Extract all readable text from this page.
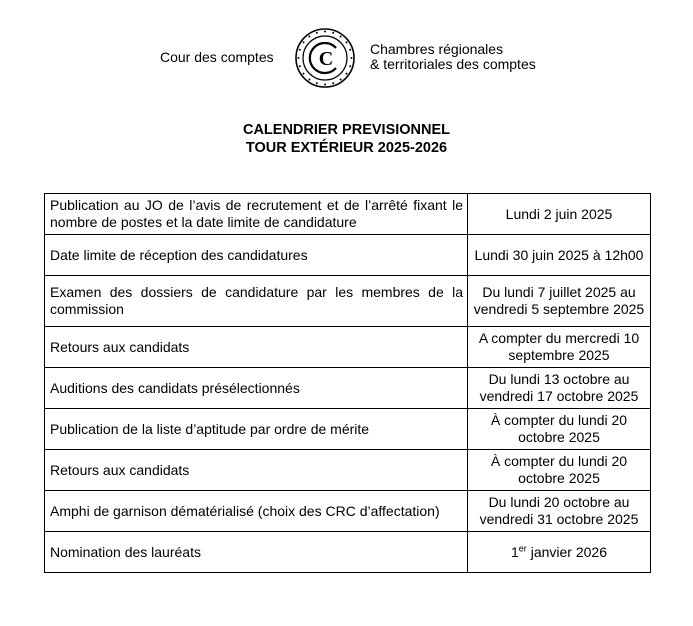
Cour des comptes C	Chambres régionales
& territoriales des comptes
CALENDRIER PREVISIONNEL
TOUR EXTÉRIEUR 2025-2026
Publication au JO de l’avis de recrutement et de l’arrêté fixant le nombre de postes et la date limite de candidature	Lundi 2 juin 2025
Date limite de réception des candidatures	Lundi 30 juin 2025 à 12h00
Examen des dossiers de candidature par les membres de la commission	Du lundi 7 juillet 2025 au vendredi 5 septembre 2025
Retours aux candidats	A compter du mercredi 10 septembre 2025
Auditions des candidats présélectionnés	Du lundi 13 octobre au vendredi 17 octobre 2025
Publication de la liste d’aptitude par ordre de mérite	À compter du lundi 20 octobre 2025
Retours aux candidats	À compter du lundi 20 octobre 2025
Amphi de garnison dématérialisé (choix des CRC d’affectation)	Du lundi 20 octobre au vendredi 31 octobre 2025
Nomination des lauréats	1er janvier 2026
